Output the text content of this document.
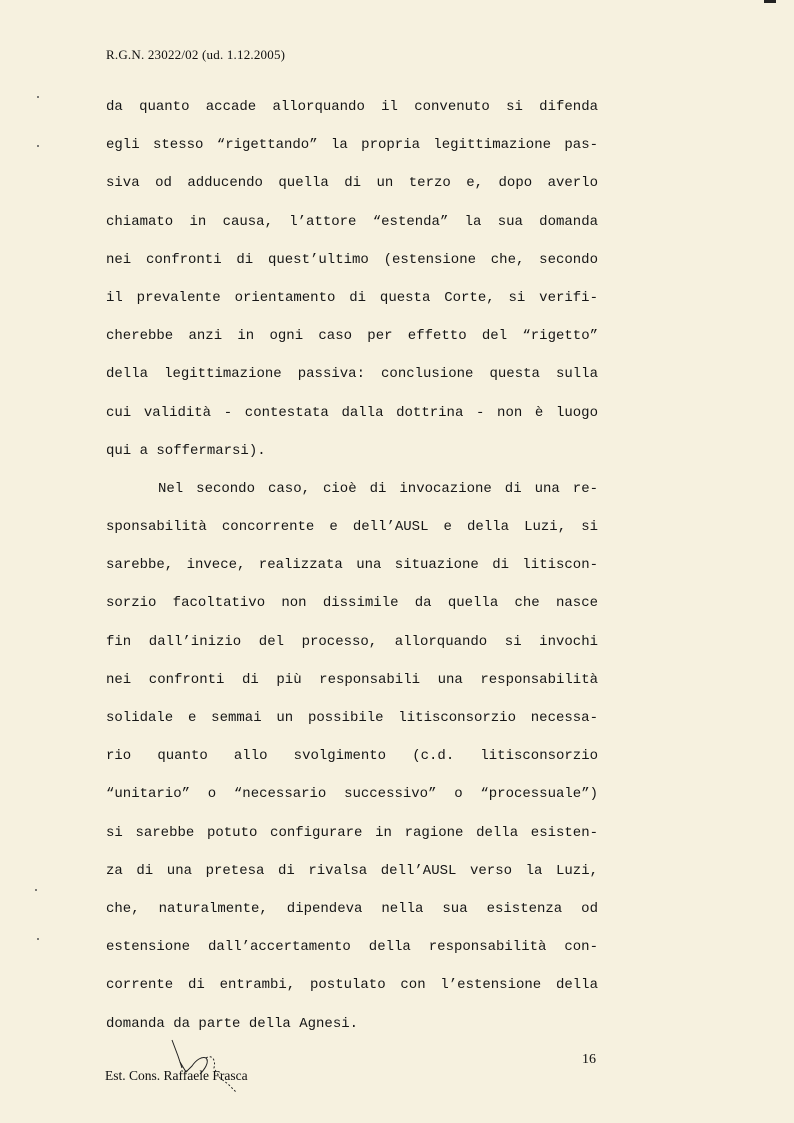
R.G.N. 23022/02 (ud. 1.12.2005)
da quanto accade allorquando il convenuto si difenda
egli stesso “rigettando” la propria legittimazione pas-
siva od adducendo quella di un terzo e, dopo averlo
chiamato in causa, l’attore “estenda” la sua domanda
nei confronti di quest’ultimo (estensione che, secondo
il prevalente orientamento di questa Corte, si verifi-
cherebbe anzi in ogni caso per effetto del “rigetto”
della legittimazione passiva: conclusione questa sulla
cui validità - contestata dalla dottrina - non è luogo
qui a soffermarsi).
Nel secondo caso, cioè di invocazione di una re-
sponsabilità concorrente e dell’AUSL e della Luzi, si
sarebbe, invece, realizzata una situazione di litiscon-
sorzio facoltativo non dissimile da quella che nasce
fin dall’inizio del processo, allorquando si invochi
nei confronti di più responsabili una responsabilità
solidale e semmai un possibile litisconsorzio necessa-
rio quanto allo svolgimento (c.d. litisconsorzio
“unitario” o “necessario successivo” o “processuale”)
si sarebbe potuto configurare in ragione della esisten-
za di una pretesa di rivalsa dell’AUSL verso la Luzi,
che, naturalmente, dipendeva nella sua esistenza od
estensione dall’accertamento della responsabilità con-
corrente di entrambi, postulato con l’estensione della
domanda da parte della Agnesi.
16
Est. Cons. Raffaele Frasca
